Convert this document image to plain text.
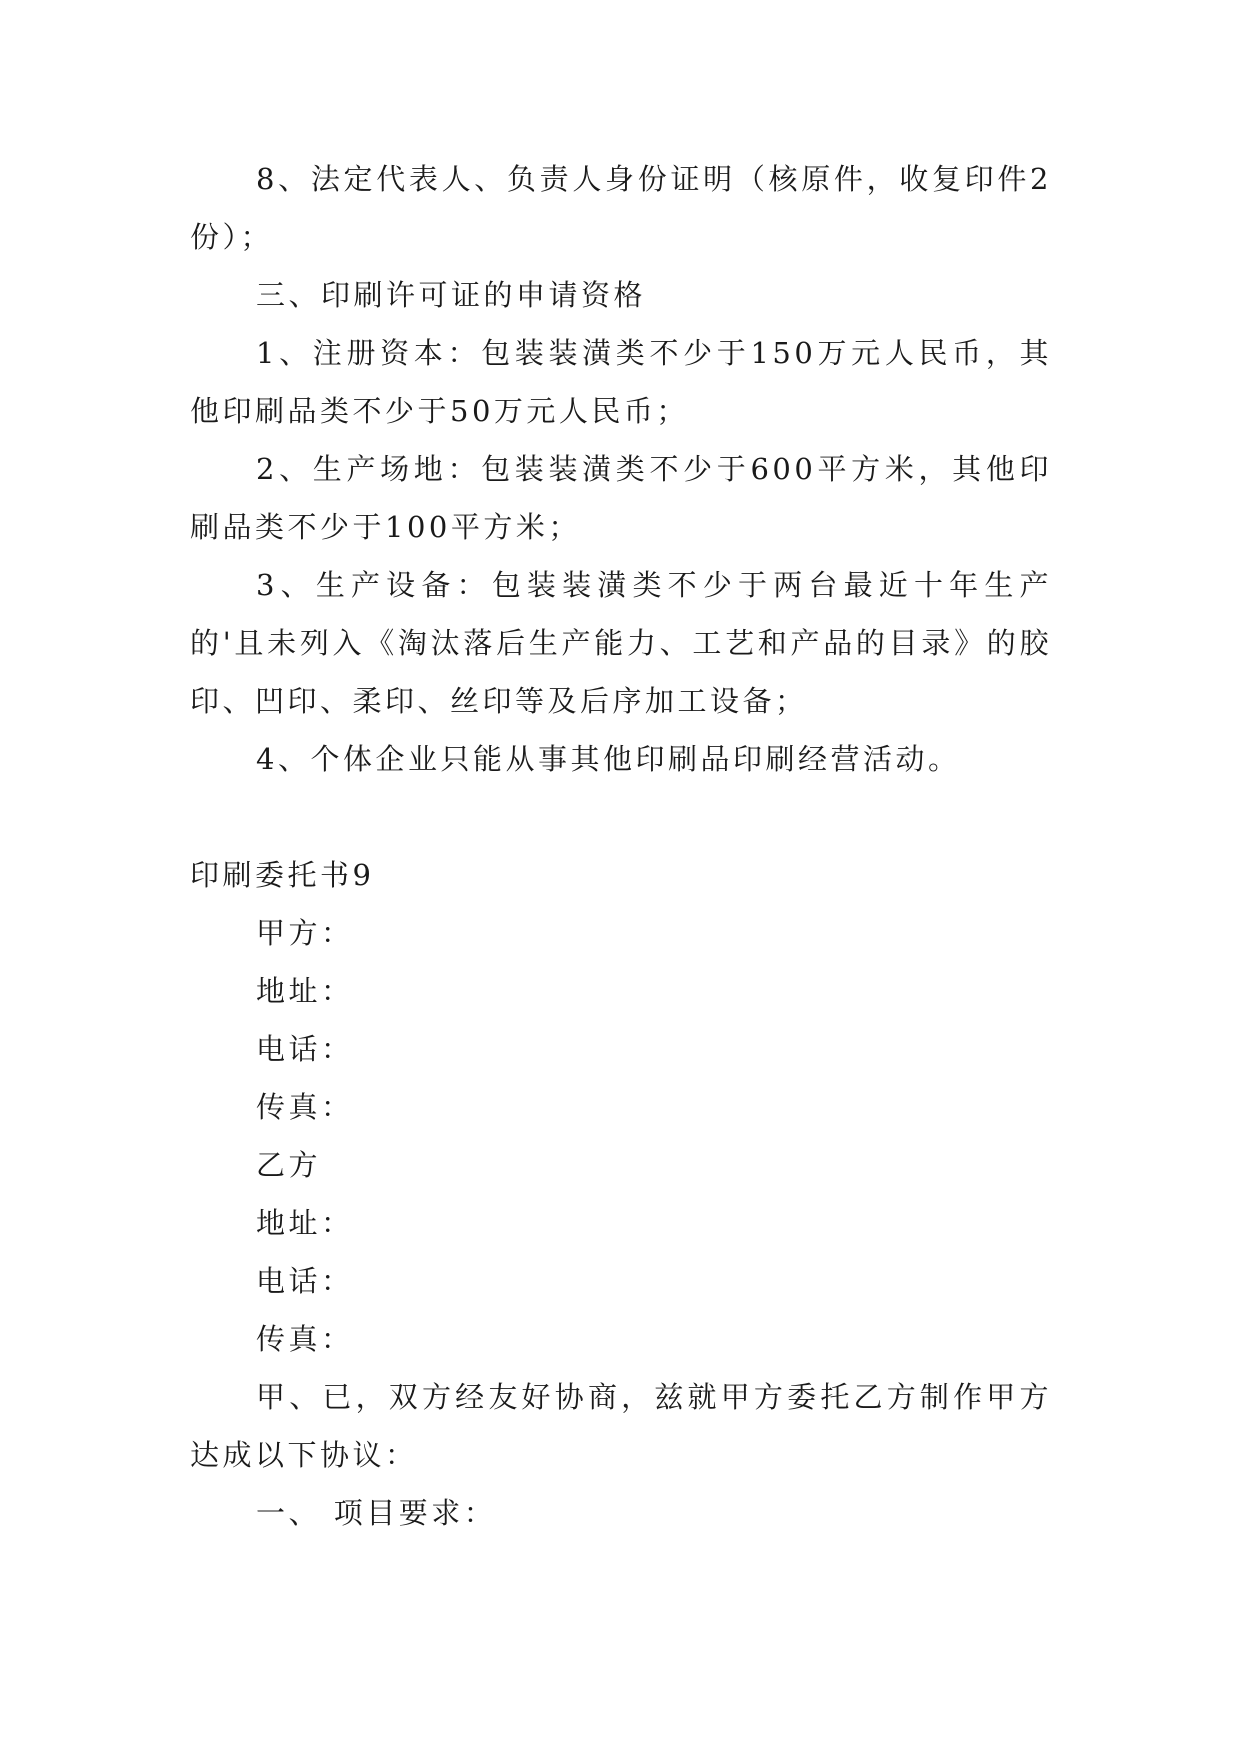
8、法定代表人、负责人身份证明（核原件，收复印件2份）；

三、印刷许可证的申请资格

1、注册资本：包装装潢类不少于150万元人民币，其他印刷品类不少于50万元人民币；

2、生产场地：包装装潢类不少于600平方米，其他印刷品类不少于100平方米；

3、生产设备：包装装潢类不少于两台最近十年生产的'且未列入《淘汰落后生产能力、工艺和产品的目录》的胶印、凹印、柔印、丝印等及后序加工设备；

4、个体企业只能从事其他印刷品印刷经营活动。

印刷委托书9

甲方：

地址：

电话：

传真：

乙方

地址：

电话：

传真：

甲、已，双方经友好协商，兹就甲方委托乙方制作甲方达成以下协议：

一、 项目要求：
